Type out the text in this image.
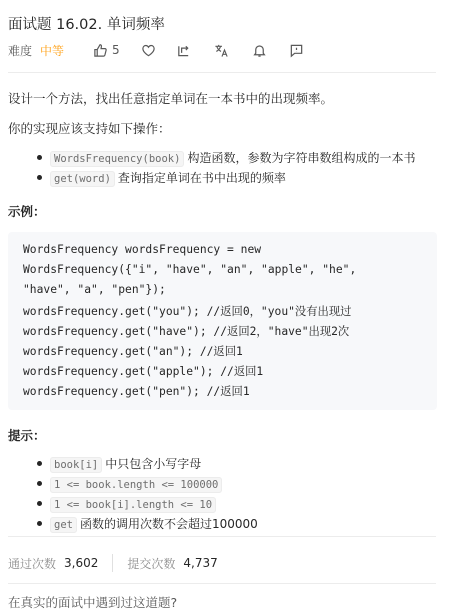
面试题 16.02. 单词频率
难度 中等	5
设计一个方法，找出任意指定单词在一本书中的出现频率。
你的实现应该支持如下操作：
WordsFrequency(book) 构造函数，参数为字符串数组构成的一本书
get(word) 查询指定单词在书中出现的频率
示例：
WordsFrequency wordsFrequency = new
WordsFrequency({"i", "have", "an", "apple", "he",
"have", "a", "pen"});
wordsFrequency.get("you"); //返回0，"you"没有出现过
wordsFrequency.get("have"); //返回2，"have"出现2次
wordsFrequency.get("an"); //返回1
wordsFrequency.get("apple"); //返回1
wordsFrequency.get("pen"); //返回1
提示：
book[i] 中只包含小写字母
1 <= book.length <= 100000
1 <= book[i].length <= 10
get 函数的调用次数不会超过100000
通过次数 3,602 提交次数 4,737
在真实的面试中遇到过这道题?
